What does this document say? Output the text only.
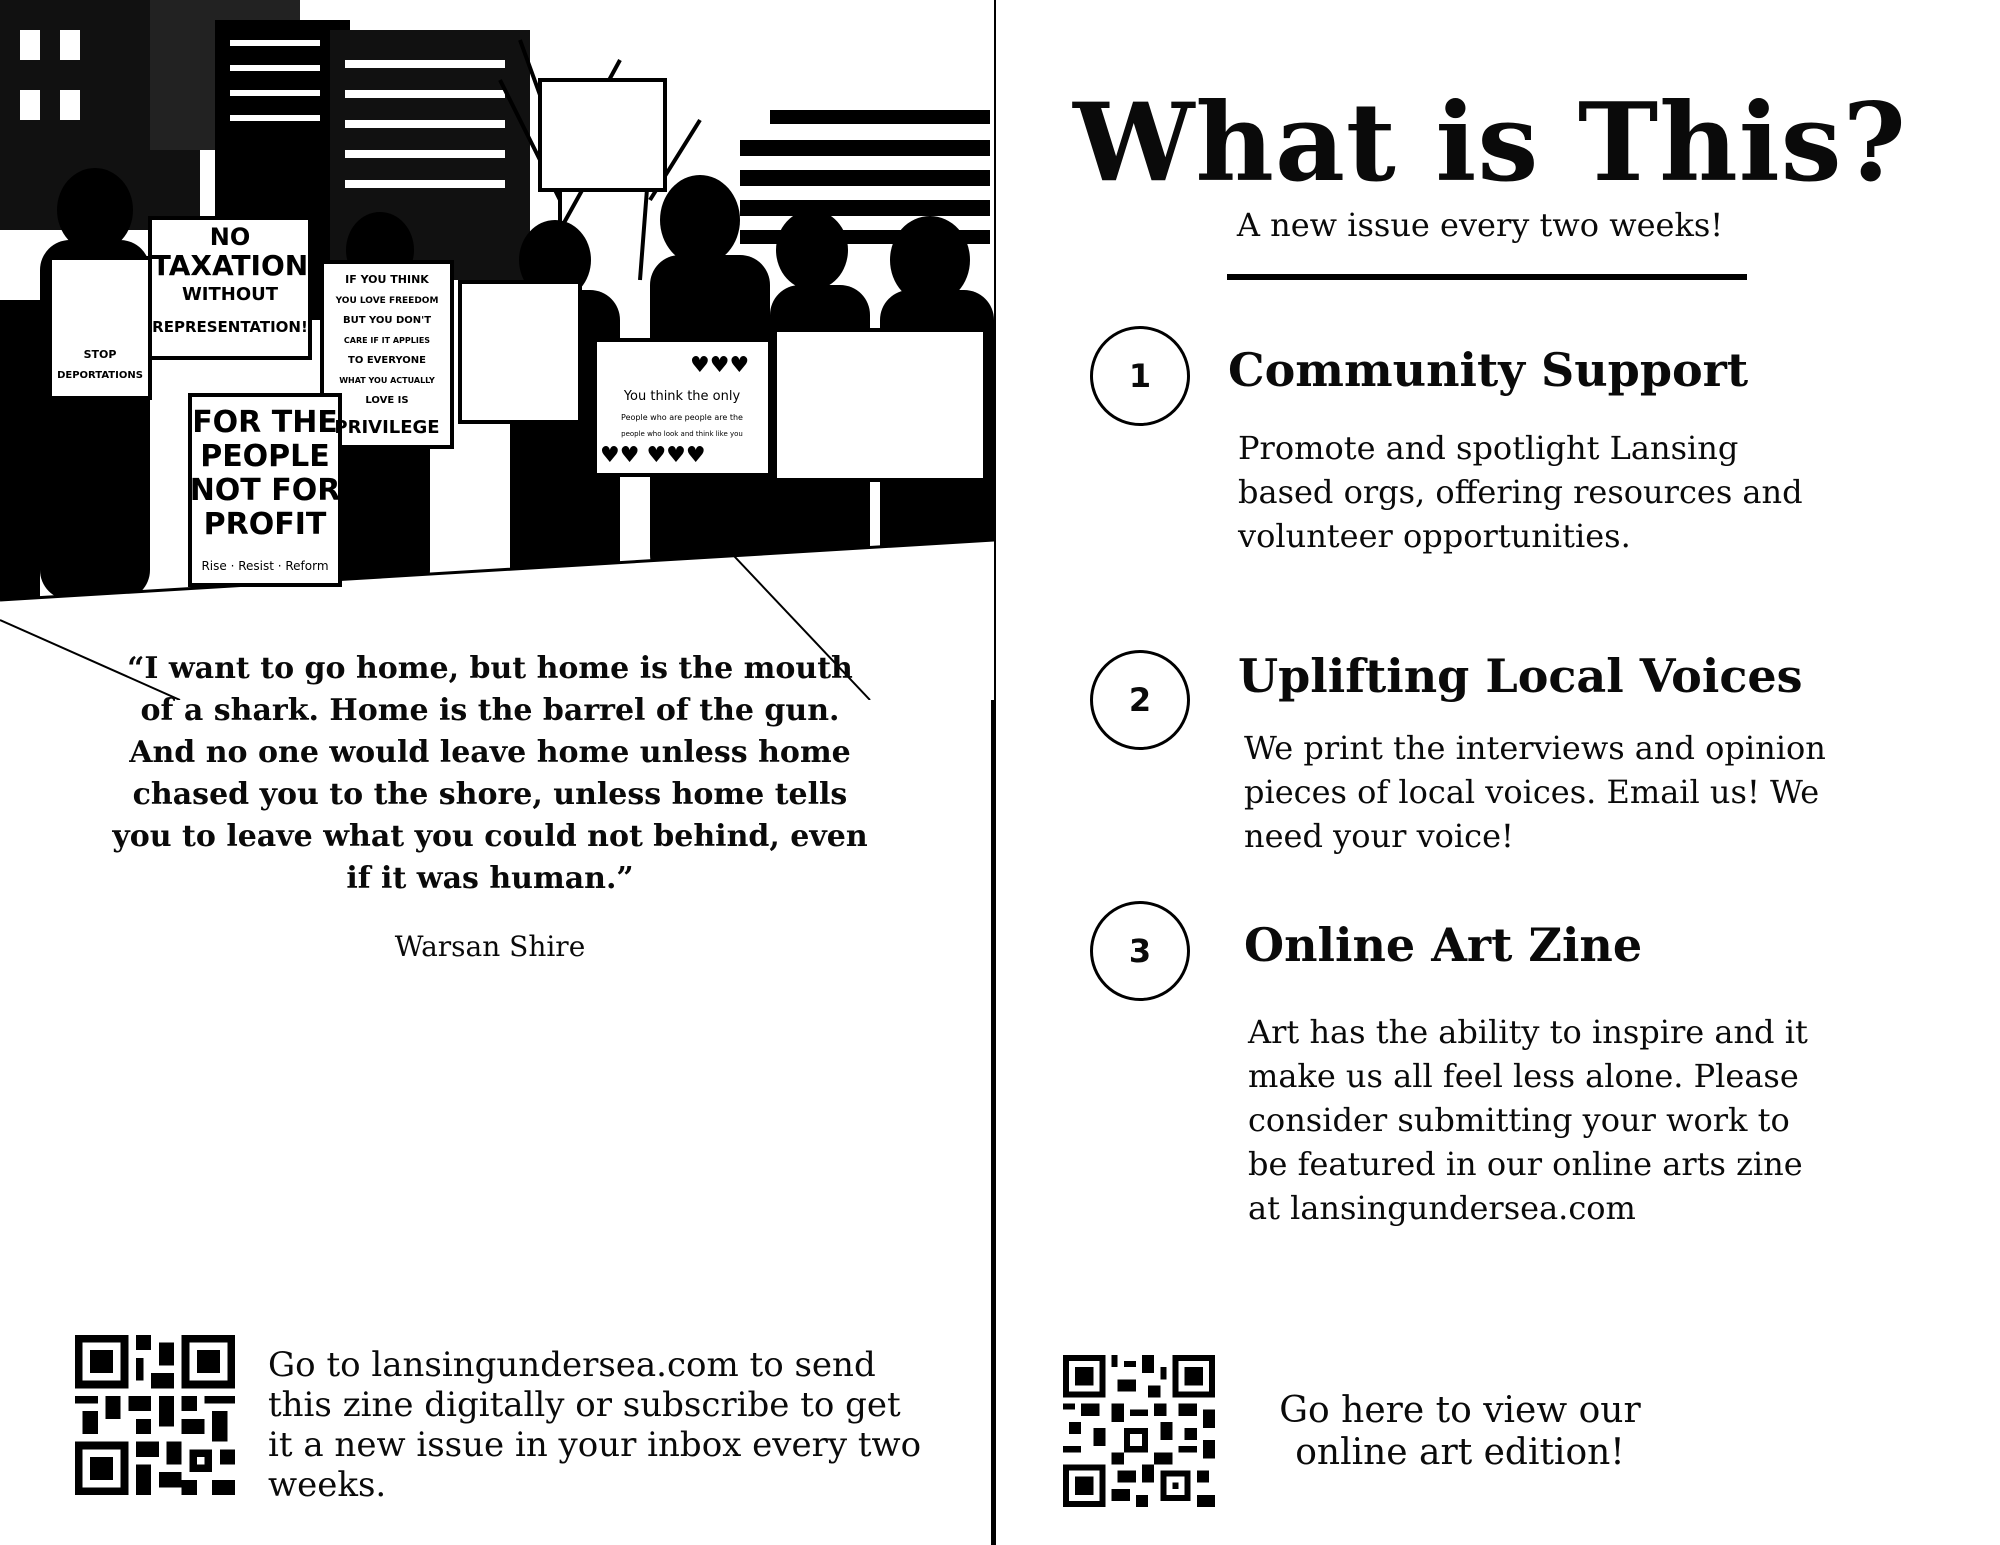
NO
TAXATION
WITHOUT
REPRESENTATION!
IF YOU THINK
YOU LOVE FREEDOM
BUT YOU DON'T
CARE IF IT APPLIES
TO EVERYONE
WHAT YOU ACTUALLY
LOVE IS
PRIVILEGE
FOR THE
PEOPLE
NOT FOR
PROFIT
Rise · Resist · Reform
You think the only
People who are people are the
people who look and think like you
STOP
DEPORTATIONS	♥♥♥
♥♥ ♥♥♥

“I want to go home, but home is the mouth of a shark. Home is the barrel of the gun. And no one would leave home unless home chased you to the shore, unless home tells you to leave what you could not behind, even if it was human.”

Warsan Shire

Go to lansingundersea.com to send this zine digitally or subscribe to get it a new issue in your inbox every two weeks.

What is This?
A new issue every two weeks!
1	Community Support

Promote and spotlight Lansing based orgs, offering resources and volunteer opportunities.

2	Uplifting Local Voices

We print the interviews and opinion pieces of local voices. Email us! We need your voice!

3	Online Art Zine

Art has the ability to inspire and it make us all feel less alone. Please consider submitting your work to be featured in our online arts zine at lansingundersea.com

Go here to view our online art edition!
